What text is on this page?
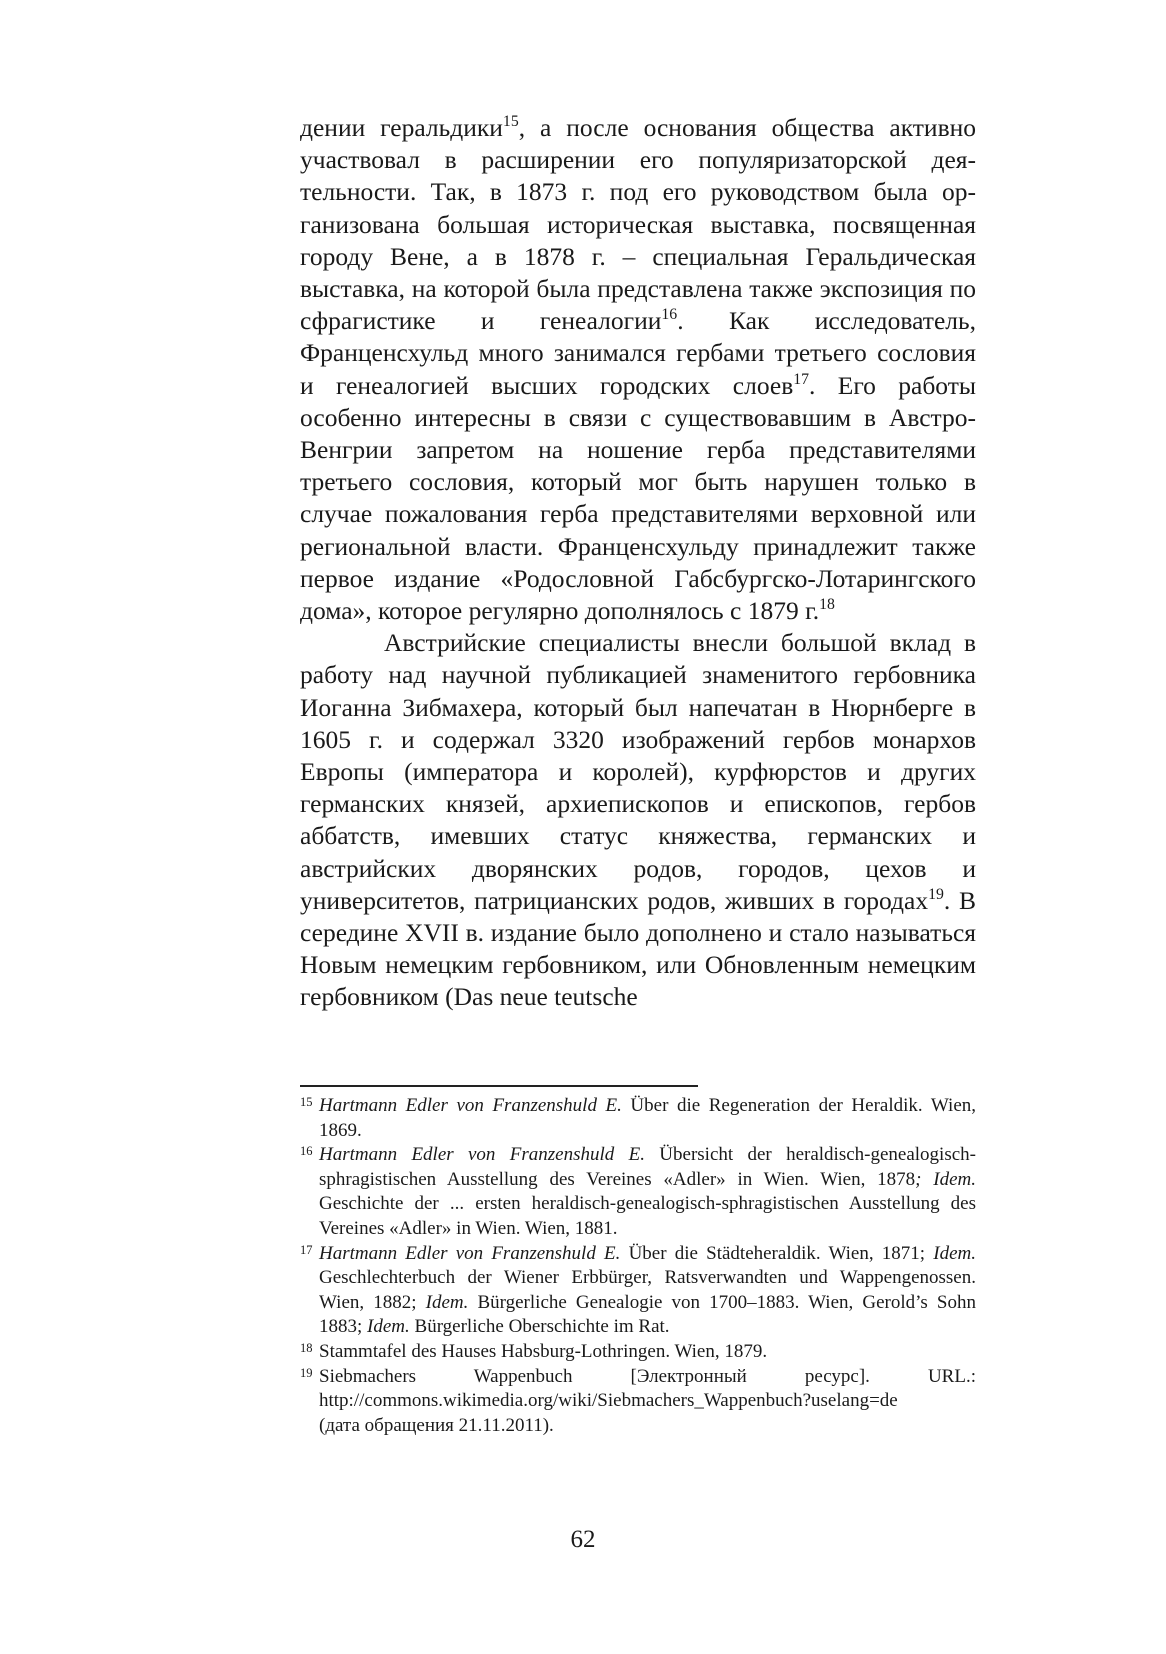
дении геральдики$^{15}$, а после основания общества активно участвовал в расширении его популяризаторской деятельности. Так, в 1873 г. под его руководством была организована большая историческая выставка, посвященная городу Вене, а в 1878 г. – специальная Геральдическая выставка, на которой была представлена также экспозиция по сфрагистике и генеалогии$^{16}$. Как исследователь, Франценсхульд много занимался гербами третьего сословия и генеалогией высших городских слоев$^{17}$. Его работы особенно интересны в связи с существовавшим в Австро-Венгрии запретом на ношение герба представителями третьего сословия, который мог быть нарушен только в случае пожалования герба представителями верховной или региональной власти. Франценсхульду принадлежит также первое издание «Родословной Габсбургско-Лотарингского дома», которое регулярно дополнялось с 1879 г.$^{18}$

Австрийские специалисты внесли большой вклад в работу над научной публикацией знаменитого гербовника Иоганна Зибмахера, который был напечатан в Нюрнберге в 1605 г. и содержал 3320 изображений гербов монархов Европы (императора и королей), курфюрстов и других германских князей, архиепископов и епископов, гербов аббатств, имевших статус княжества, германских и австрийских дворянских родов, городов, цехов и университетов, патрицианских родов, живших в городах$^{19}$. В середине XVII в. издание было дополнено и стало называться Новым немецким гербовником, или Обновленным немецким гербовником (Das neue teutsche

15 Hartmann Edler von Franzenshuld E. Über die Regeneration der Heraldik. Wien, 1869.

16 Hartmann Edler von Franzenshuld E. Übersicht der heraldisch-genealogisch-sphragistischen Ausstellung des Vereines «Adler» in Wien. Wien, 1878; Idem. Geschichte der ... ersten heraldisch-genealogisch-sphragistischen Ausstellung des Vereines «Adler» in Wien. Wien, 1881.

17 Hartmann Edler von Franzenshuld E. Über die Städteheraldik. Wien, 1871; Idem. Geschlechterbuch der Wiener Erbbürger, Ratsverwandten und Wappengenossen. Wien, 1882; Idem. Bürgerliche Genealogie von 1700–1883. Wien, Gerold’s Sohn 1883; Idem. Bürgerliche Oberschichte im Rat.

18 Stammtafel des Hauses Habsburg-Lothringen. Wien, 1879.

19 Siebmachers Wappenbuch [Электронный ресурс]. URL.: http://commons.wikimedia.org/wiki/Siebmachers_Wappenbuch?uselang=de
(дата обращения 21.11.2011).

62
